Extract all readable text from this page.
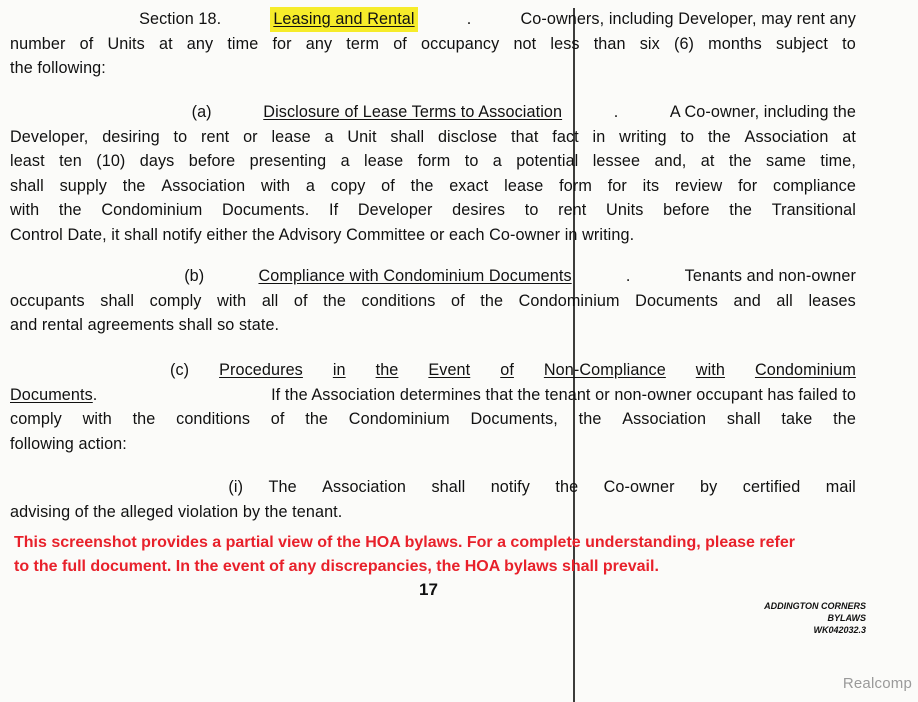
Section 18.	Leasing and Rental	.	Co-owners, including Developer, may rent any
number of Units at any time for any term of occupancy not less than six (6) months subject to
the following:
(a)	Disclosure of Lease Terms to Association	.	A Co-owner, including the
Developer, desiring to rent or lease a Unit shall disclose that fact in writing to the Association at
least ten (10) days before presenting a lease form to a potential lessee and, at the same time,
shall supply the Association with a copy of the exact lease form for its review for compliance
with the Condominium Documents. If Developer desires to rent Units before the Transitional
Control Date, it shall notify either the Advisory Committee or each Co-owner in writing.
(b)	Compliance with Condominium Documents	.	Tenants and non-owner
occupants shall comply with all of the conditions of the Condominium Documents and all leases
and rental agreements shall so state.
(c) Procedures in the Event of Non-Compliance with Condominium
Documents.	If the Association determines that the tenant or non-owner occupant has failed to
comply with the conditions of the Condominium Documents, the Association shall take the
following action:
(i) The Association shall notify the Co-owner by certified mail
advising of the alleged violation by the tenant.
This screenshot provides a partial view of the HOA bylaws. For a complete understanding, please refer
to the full document. In the event of any discrepancies, the HOA bylaws shall prevail.
17
ADDINGTON CORNERS
BYLAWS
WK042032.3
Realcomp
